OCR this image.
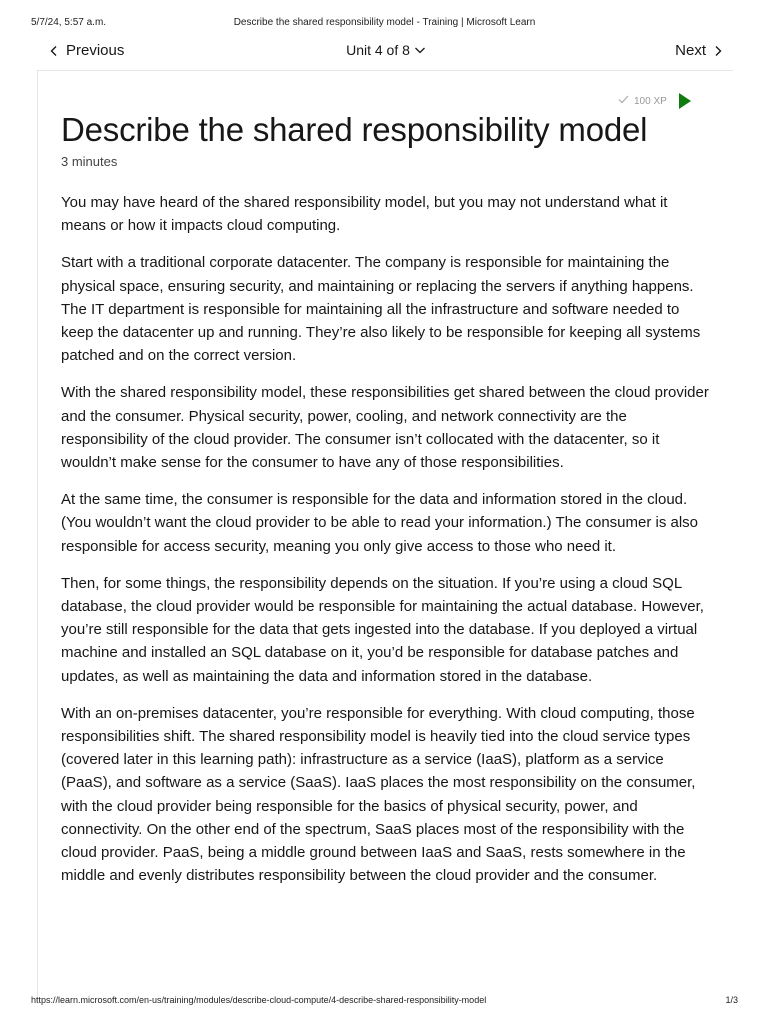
5/7/24, 5:57 a.m.	Describe the shared responsibility model - Training | Microsoft Learn
Previous	Unit 4 of 8	Next
100 XP
Describe the shared responsibility model
3 minutes

You may have heard of the shared responsibility model, but you may not understand what it means or how it impacts cloud computing.

Start with a traditional corporate datacenter. The company is responsible for maintaining the physical space, ensuring security, and maintaining or replacing the servers if anything happens. The IT department is responsible for maintaining all the infrastructure and software needed to keep the datacenter up and running. They’re also likely to be responsible for keeping all systems patched and on the correct version.

With the shared responsibility model, these responsibilities get shared between the cloud provider and the consumer. Physical security, power, cooling, and network connectivity are the responsibility of the cloud provider. The consumer isn’t collocated with the datacenter, so it wouldn’t make sense for the consumer to have any of those responsibilities.

At the same time, the consumer is responsible for the data and information stored in the cloud. (You wouldn’t want the cloud provider to be able to read your information.) The consumer is also responsible for access security, meaning you only give access to those who need it.

Then, for some things, the responsibility depends on the situation. If you’re using a cloud SQL database, the cloud provider would be responsible for maintaining the actual database. However, you’re still responsible for the data that gets ingested into the database. If you deployed a virtual machine and installed an SQL database on it, you’d be responsible for database patches and updates, as well as maintaining the data and information stored in the database.

With an on-premises datacenter, you’re responsible for everything. With cloud computing, those responsibilities shift. The shared responsibility model is heavily tied into the cloud service types (covered later in this learning path): infrastructure as a service (IaaS), platform as a service (PaaS), and software as a service (SaaS). IaaS places the most responsibility on the consumer, with the cloud provider being responsible for the basics of physical security, power, and connectivity. On the other end of the spectrum, SaaS places most of the responsibility with the cloud provider. PaaS, being a middle ground between IaaS and SaaS, rests somewhere in the middle and evenly distributes responsibility between the cloud provider and the consumer.

https://learn.microsoft.com/en-us/training/modules/describe-cloud-compute/4-describe-shared-responsibility-model	1/3
